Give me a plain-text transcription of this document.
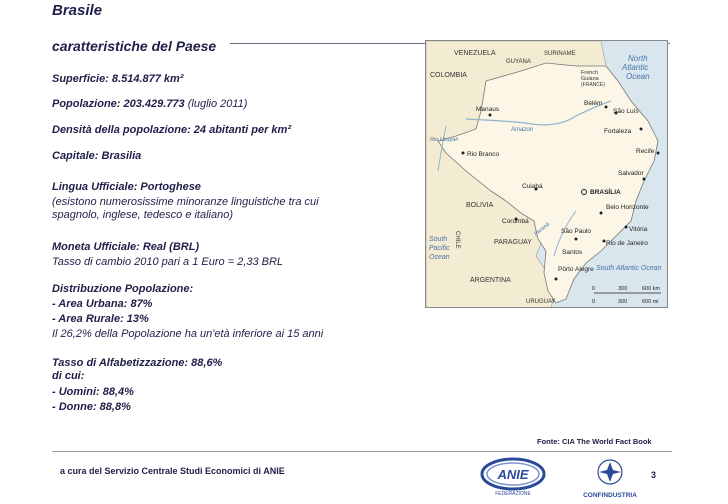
Brasile
caratteristiche del Paese
Superficie: 8.514.877 km²
Popolazione: 203.429.773 (luglio 2011)
Densità della popolazione: 24 abitanti per km²
Capitale: Brasilia
Lingua Ufficiale: Portoghese
(esistono numerosissime minoranze linguistiche tra cui
spagnolo, inglese, tedesco e italiano)
Moneta Ufficiale: Real (BRL)
Tasso di cambio 2010 pari a 1 Euro = 2,33 BRL
Distribuzione Popolazione:
- Area Urbana: 87%
- Area Rurale: 13%
Il 26,2% della Popolazione ha un'età inferiore ai 15 anni
Tasso di Alfabetizzazione: 88,6%
di cui:
- Uomini: 88,4%
- Donne: 88,8%
VENEZUELA
GUYANA
SURINAME
COLOMBIA
BOLIVIA
PARAGUAY
ARGENTINA
CHILE
URUGUAY
French
Guiana
(FRANCE)
North
Atlantic
Ocean
South Atlantic Ocean
South
Pacific
Ocean
Amazon
Rio Ucayali
Paraná
Manaus
Belém
São Luís
Fortaleza
Recife
Salvador
Rio Branco
Cuiabá
BRASÍLIA
Belo Horizonte
Vitória
Corumbá
São Paulo
Santos
Rio de Janeiro
Pôrto Alegre
0	300	600 km
0	300	600 mi
Fonte: CIA The World Fact Book
a cura del Servizio Centrale Studi Economici di ANIE	ANIE
FEDERAZIONE	CONFINDUSTRIA
3
